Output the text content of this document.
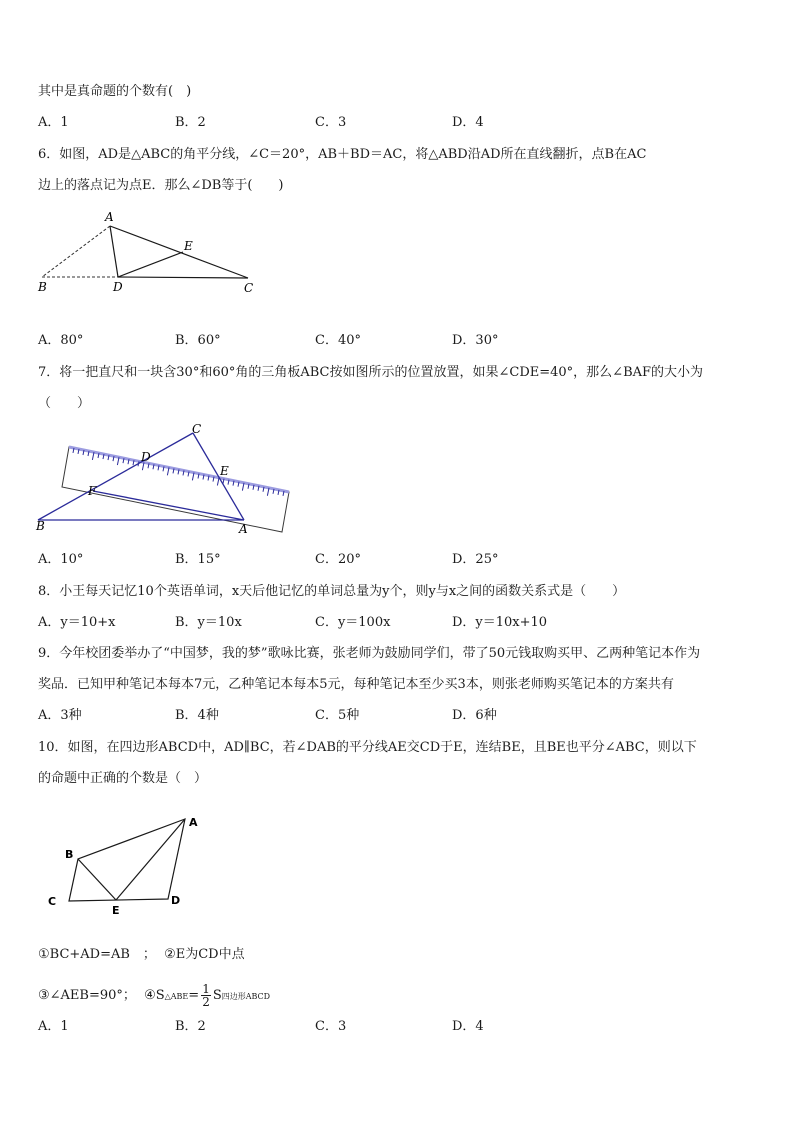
其中是真命题的个数有(　)
A．1	B．2	C．3	D．4
6．如图，AD是△ABC的角平分线，∠C＝20°，AB＋BD＝AC，将△ABD沿AD所在直线翻折，点B在AC
边上的落点记为点E．那么∠DB等于(　　)
A
B	D	C
E
A．80°	B．60°	C．40°	D．30°
7．将一把直尺和一块含30°和60°角的三角板ABC按如图所示的位置放置，如果∠CDE=40°，那么∠BAF的大小为
（　　）
C
D
E
F
B	A
A．10°	B．15°	C．20°	D．25°
8．小王每天记忆10个英语单词，x天后他记忆的单词总量为y个，则y与x之间的函数关系式是（　　）
A．y＝10+x	B．y＝10x	C．y＝100x	D．y＝10x+10
9．今年校团委举办了“中国梦，我的梦”歌咏比赛，张老师为鼓励同学们，带了50元钱取购买甲、乙两种笔记本作为
奖品．已知甲种笔记本每本7元，乙种笔记本每本5元，每种笔记本至少买3本，则张老师购买笔记本的方案共有
A．3种	B．4种	C．5种	D．6种
10．如图，在四边形ABCD中，AD∥BC，若∠DAB的平分线AE交CD于E，连结BE，且BE也平分∠ABC，则以下
的命题中正确的个数是（　）
A
B
C	D
E
①BC+AD=AB　； ②E为CD中点
③∠AEB=90°； ④S△ABE= $\frac{1}{2}$ S四边形ABCD
A．1	B．2	C．3	D．4
